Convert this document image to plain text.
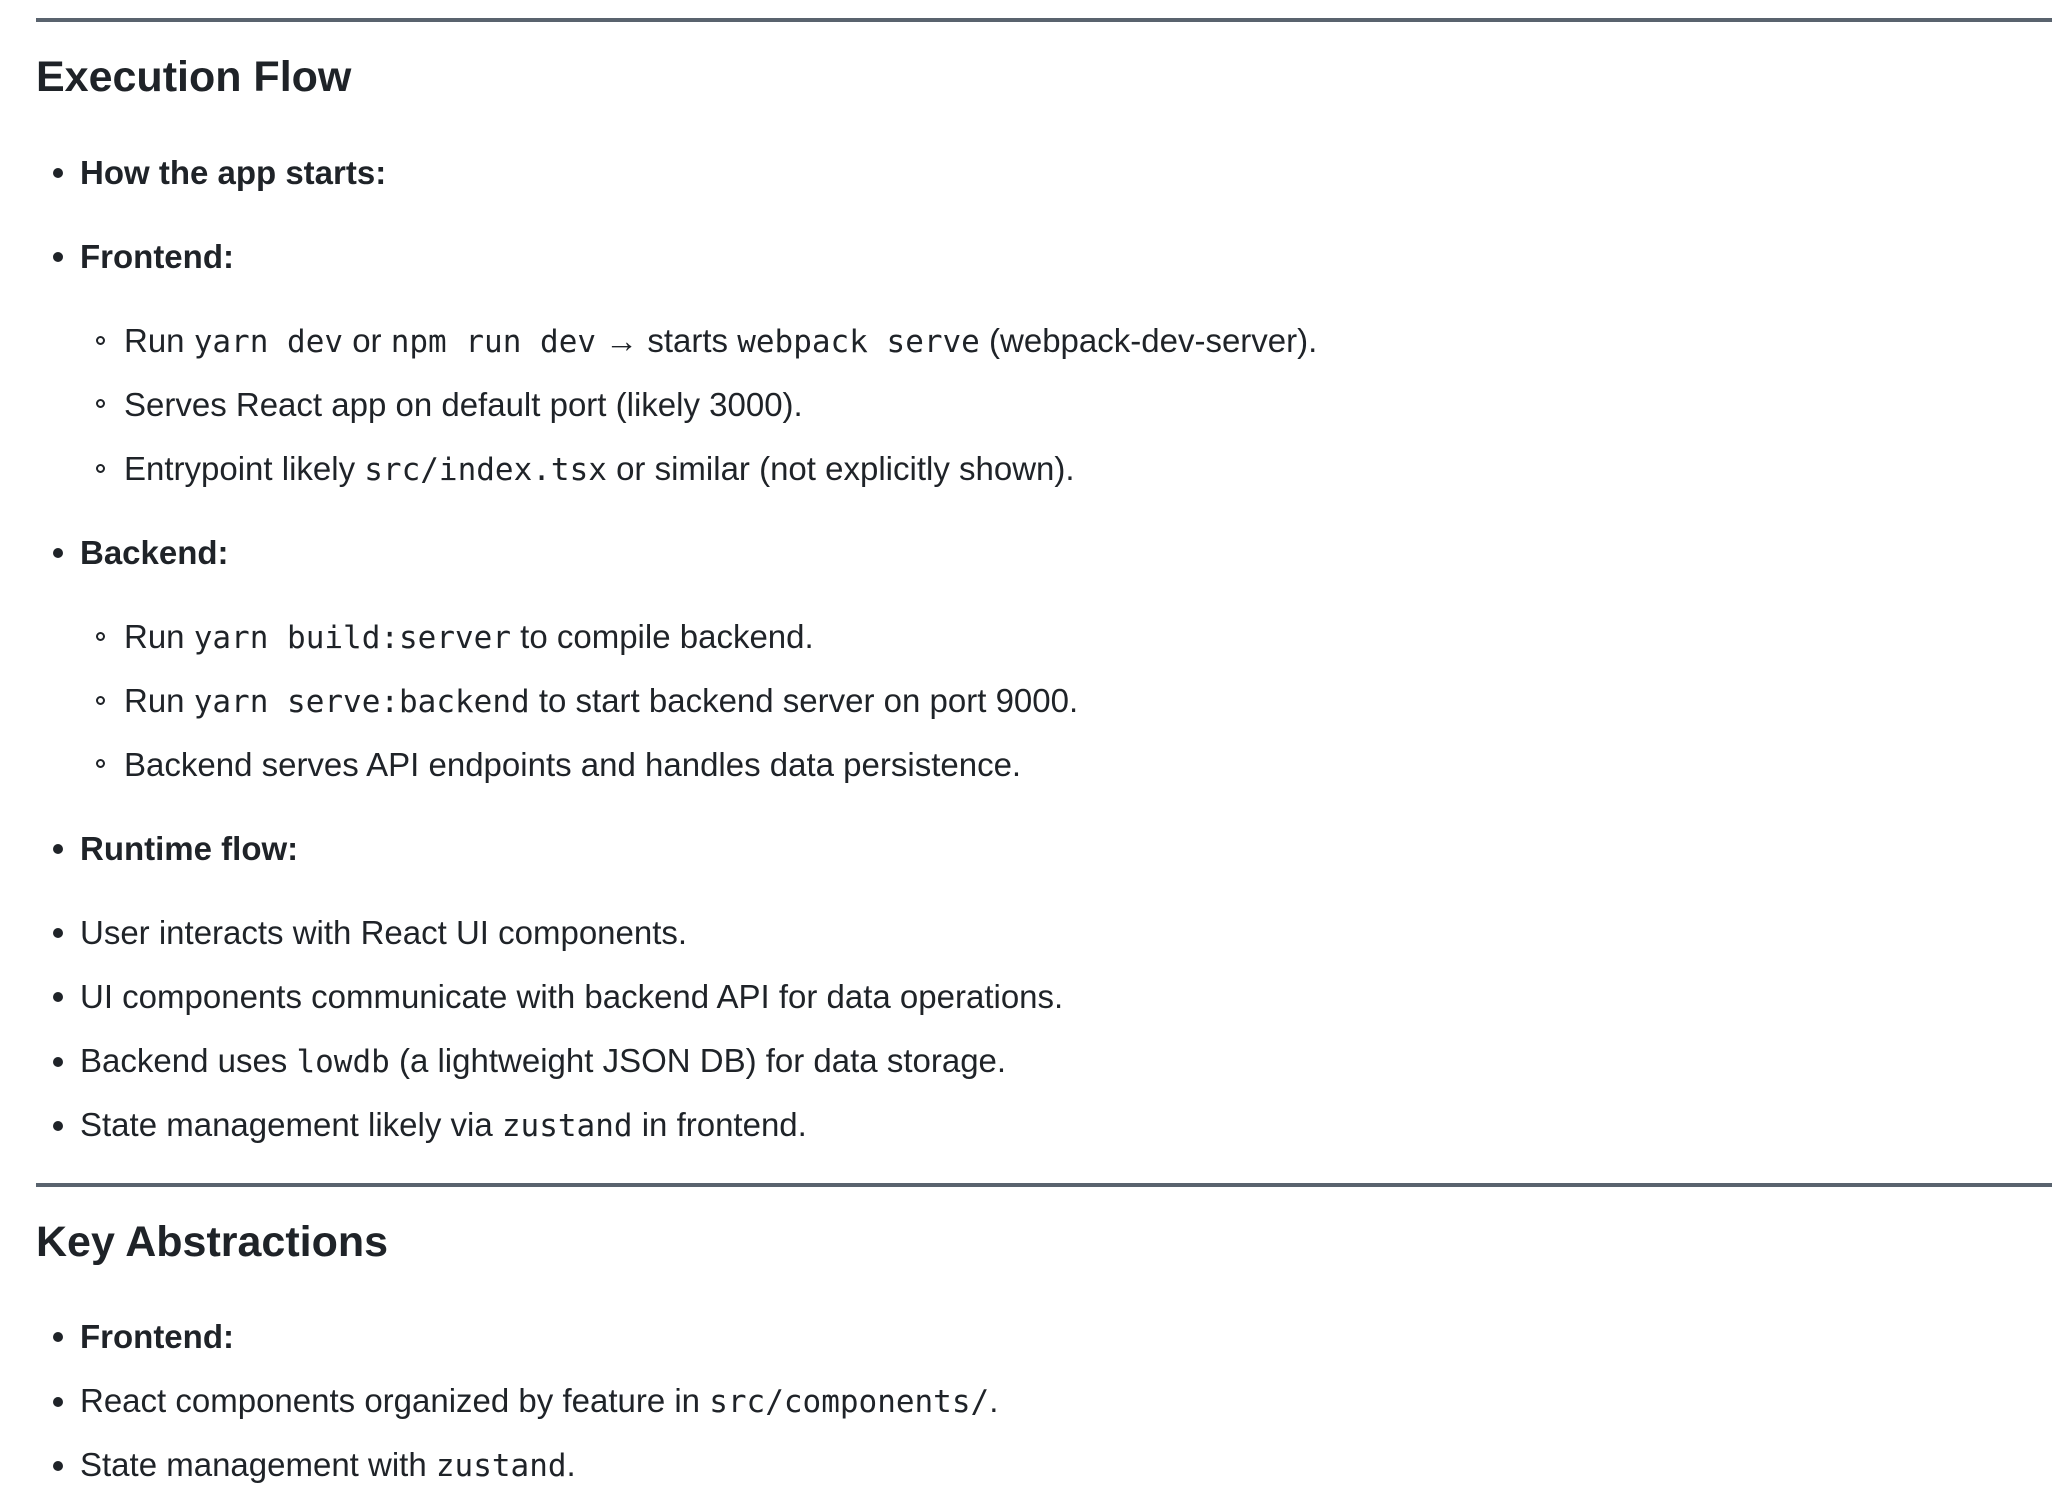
Execution Flow

How the app starts:

Frontend:

Run yarn dev or npm run dev → starts webpack serve (webpack-dev-server).

Serves React app on default port (likely 3000).

Entrypoint likely src/index.tsx or similar (not explicitly shown).

Backend:

Run yarn build:server to compile backend.

Run yarn serve:backend to start backend server on port 9000.

Backend serves API endpoints and handles data persistence.

Runtime flow:

User interacts with React UI components.

UI components communicate with backend API for data operations.

Backend uses lowdb (a lightweight JSON DB) for data storage.

State management likely via zustand in frontend.

Key Abstractions

Frontend:

React components organized by feature in src/components/.

State management with zustand.
